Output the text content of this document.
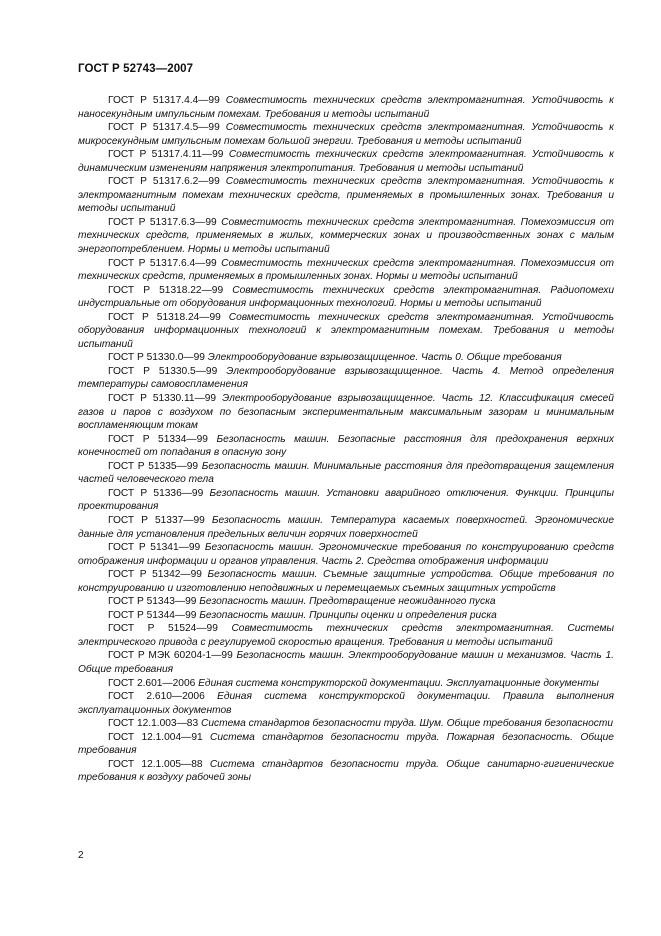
ГОСТ Р 52743—2007

ГОСТ Р 51317.4.4—99 Совместимость технических средств электромагнитная. Устойчивость к наносекундным импульсным помехам. Требования и методы испытаний

ГОСТ Р 51317.4.5—99 Совместимость технических средств электромагнитная. Устойчивость к микросекундным импульсным помехам большой энергии. Требования и методы испытаний

ГОСТ Р 51317.4.11—99 Совместимость технических средств электромагнитная. Устойчивость к динамическим изменениям напряжения электропитания. Требования и методы испытаний

ГОСТ Р 51317.6.2—99 Совместимость технических средств электромагнитная. Устойчивость к электромагнитным помехам технических средств, применяемых в промышленных зонах. Требования и методы испытаний

ГОСТ Р 51317.6.3—99 Совместимость технических средств электромагнитная. Помехоэмиссия от технических средств, применяемых в жилых, коммерческих зонах и производственных зонах с малым энергопотреблением. Нормы и методы испытаний

ГОСТ Р 51317.6.4—99 Совместимость технических средств электромагнитная. Помехоэмиссия от технических средств, применяемых в промышленных зонах. Нормы и методы испытаний

ГОСТ Р 51318.22—99 Совместимость технических средств электромагнитная. Радиопомехи индустриальные от оборудования информационных технологий. Нормы и методы испытаний

ГОСТ Р 51318.24—99 Совместимость технических средств электромагнитная. Устойчивость оборудования информационных технологий к электромагнитным помехам. Требования и методы испытаний

ГОСТ Р 51330.0—99 Электрооборудование взрывозащищенное. Часть 0. Общие требования

ГОСТ Р 51330.5—99 Электрооборудование взрывозащищенное. Часть 4. Метод определения температуры самовоспламенения

ГОСТ Р 51330.11—99 Электрооборудование взрывозащищенное. Часть 12. Классификация смесей газов и паров с воздухом по безопасным экспериментальным максимальным зазорам и минимальным воспламеняющим токам

ГОСТ Р 51334—99 Безопасность машин. Безопасные расстояния для предохранения верхних конечностей от попадания в опасную зону

ГОСТ Р 51335—99 Безопасность машин. Минимальные расстояния для предотвращения защемления частей человеческого тела

ГОСТ Р 51336—99 Безопасность машин. Установки аварийного отключения. Функции. Принципы проектирования

ГОСТ Р 51337—99 Безопасность машин. Температура касаемых поверхностей. Эргономические данные для установления предельных величин горячих поверхностей

ГОСТ Р 51341—99 Безопасность машин. Эргономические требования по конструированию средств отображения информации и органов управления. Часть 2. Средства отображения информации

ГОСТ Р 51342—99 Безопасность машин. Съемные защитные устройства. Общие требования по конструированию и изготовлению неподвижных и перемещаемых съемных защитных устройств

ГОСТ Р 51343—99 Безопасность машин. Предотвращение неожиданного пуска

ГОСТ Р 51344—99 Безопасность машин. Принципы оценки и определения риска

ГОСТ Р 51524—99 Совместимость технических средств электромагнитная. Системы электрического привода с регулируемой скоростью вращения. Требования и методы испытаний

ГОСТ Р МЭК 60204-1—99 Безопасность машин. Электрооборудование машин и механизмов. Часть 1. Общие требования

ГОСТ 2.601—2006 Единая система конструкторской документации. Эксплуатационные документы

ГОСТ 2.610—2006 Единая система конструкторской документации. Правила выполнения эксплуатационных документов

ГОСТ 12.1.003—83 Система стандартов безопасности труда. Шум. Общие требования безопасности

ГОСТ 12.1.004—91 Система стандартов безопасности труда. Пожарная безопасность. Общие требования

ГОСТ 12.1.005—88 Система стандартов безопасности труда. Общие санитарно-гигиенические требования к воздуху рабочей зоны

2
